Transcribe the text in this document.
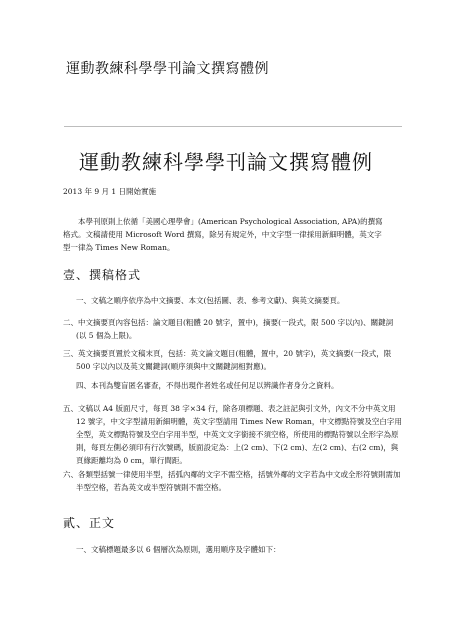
運動教練科學學刊論文撰寫體例
運動教練科學學刊論文撰寫體例
2013 年 9 月 1 日開始實施
本學刊原則上依循「美國心理學會」(American Psychological Association, APA)的撰寫格式。文稿請使用 Microsoft Word 撰寫，除另有規定外，中文字型一律採用新細明體，英文字型一律為 Times New Roman。
壹、撰稿格式
一、文稿之順序依序為中文摘要、本文(包括圖、表、參考文獻)、與英文摘要頁。
二、中文摘要頁內容包括：論文題目(粗體 20 號字，置中)，摘要(一段式，限 500 字以內)、關鍵詞(以 5 個為上限)。
三、英文摘要頁置於文稿末頁，包括：英文論文題目(粗體，置中，20 號字)，英文摘要(一段式，限 500 字以內以及英文關鍵詞(順序須與中文關鍵詞相對應)。
四、本刊為雙盲匿名審查，不得出現作者姓名或任何足以辨識作者身分之資料。
五、文稿以 A4 版面尺寸，每頁 38 字×34 行，除各項標題、表之註記與引文外，內文不分中英文用 12 號字，中文字型請用新細明體，英文字型請用 Times New Roman，中文標點符號及空白字用全型，英文標點符號及空白字用半型，中英文文字銜接不須空格，所使用的標點符號以全形字為原則，每頁左側必須印有行次號碼，版面設定為：上(2 cm)、下(2 cm)、左(2 cm)、右(2 cm)，與頁緣距離均為 0 cm，單行間距。
六、各類型括號一律使用半型，括弧內鄰的文字不需空格，括號外鄰的文字若為中文或全形符號則需加半型空格，若為英文或半型符號則不需空格。
貳、正文
一、文稿標題最多以 6 個層次為原則，選用順序及字體如下：
